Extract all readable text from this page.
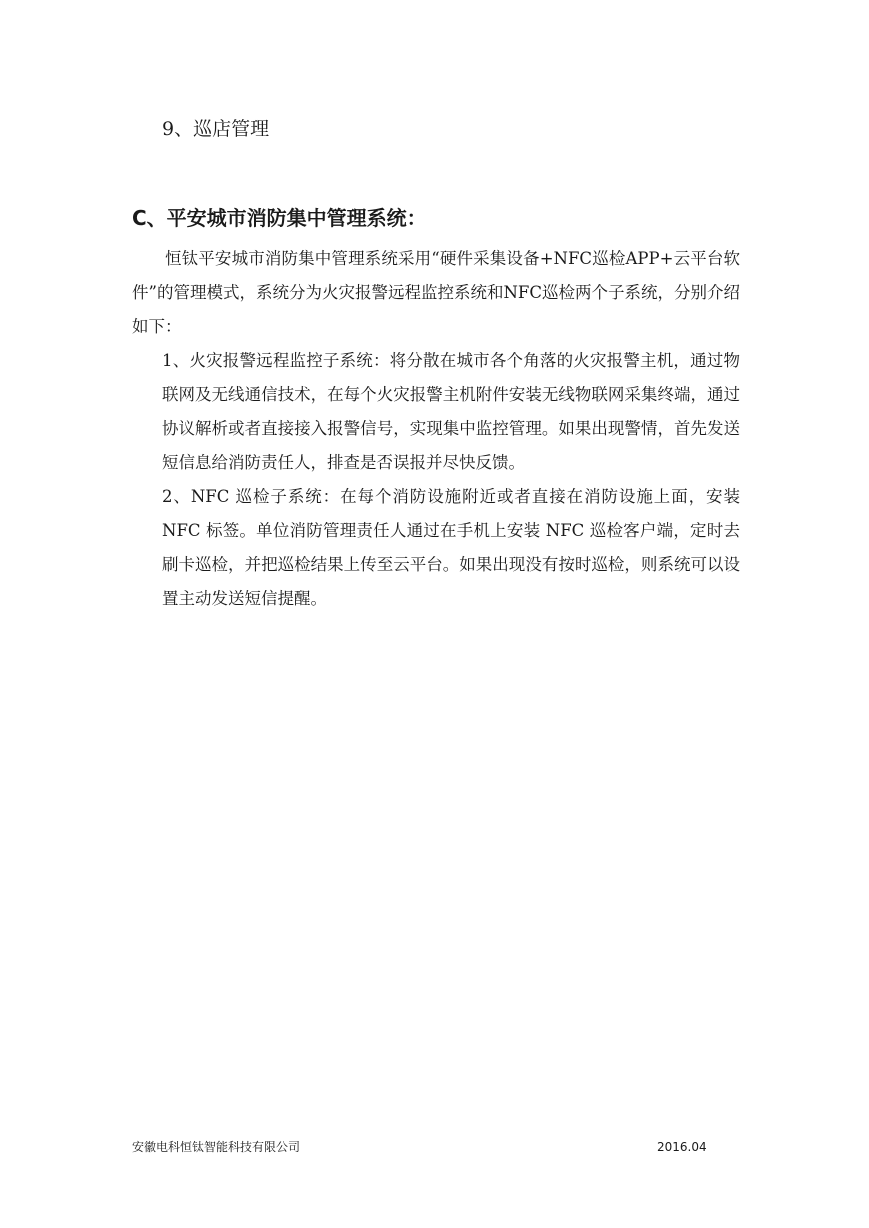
9、巡店管理
C、平安城市消防集中管理系统：

恒钛平安城市消防集中管理系统采用“硬件采集设备+NFC巡检APP+云平台软件”的管理模式，系统分为火灾报警远程监控系统和NFC巡检两个子系统，分别介绍如下：

1、火灾报警远程监控子系统：将分散在城市各个角落的火灾报警主机，通过物联网及无线通信技术，在每个火灾报警主机附件安装无线物联网采集终端，通过协议解析或者直接接入报警信号，实现集中监控管理。如果出现警情，首先发送短信息给消防责任人，排查是否误报并尽快反馈。

2、NFC 巡检子系统：在每个消防设施附近或者直接在消防设施上面，安装 NFC 标签。单位消防管理责任人通过在手机上安装 NFC 巡检客户端，定时去刷卡巡检，并把巡检结果上传至云平台。如果出现没有按时巡检，则系统可以设置主动发送短信提醒。

安徽电科恒钛智能科技有限公司	2016.04
